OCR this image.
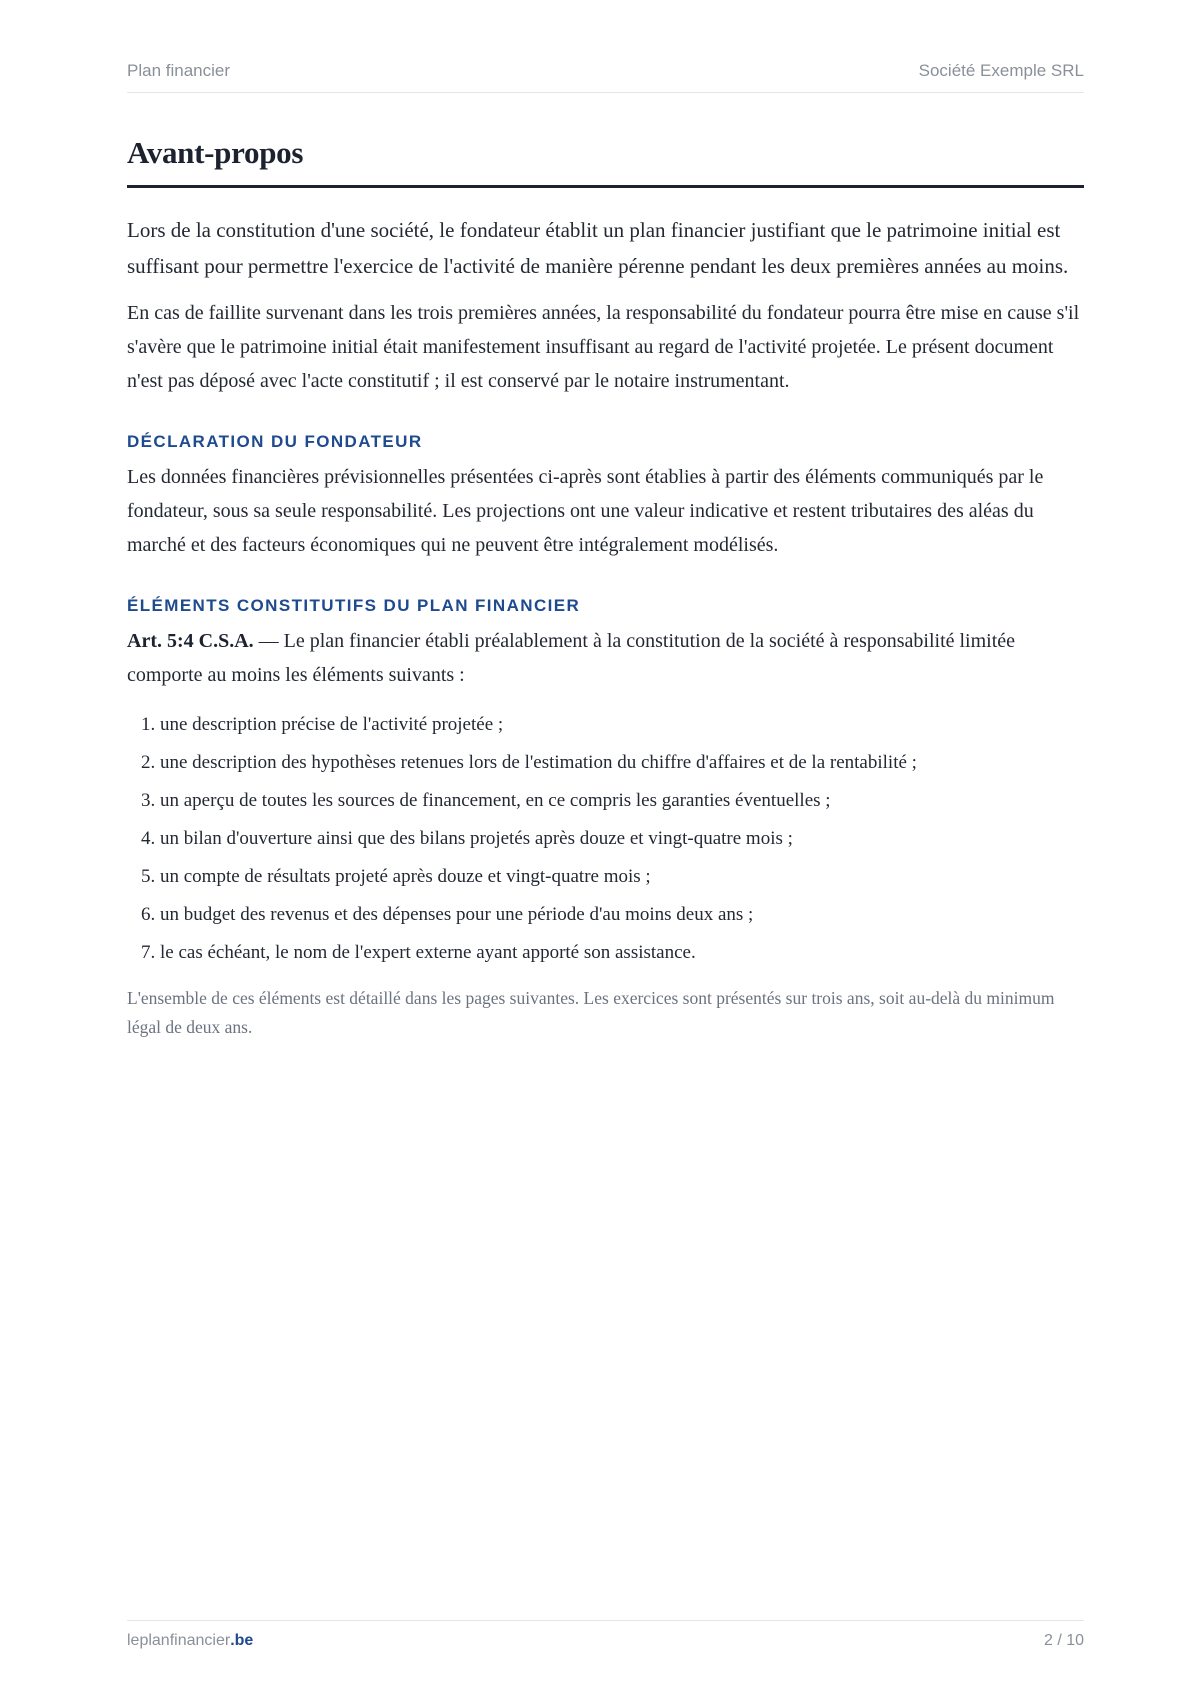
Plan financier	Société Exemple SRL
Avant-propos

Lors de la constitution d'une société, le fondateur établit un plan financier justifiant que le patrimoine initial est suffisant pour permettre l'exercice de l'activité de manière pérenne pendant les deux premières années au moins.

En cas de faillite survenant dans les trois premières années, la responsabilité du fondateur pourra être mise en cause s'il s'avère que le patrimoine initial était manifestement insuffisant au regard de l'activité projetée. Le présent document n'est pas déposé avec l'acte constitutif ; il est conservé par le notaire instrumentant.

DÉCLARATION DU FONDATEUR

Les données financières prévisionnelles présentées ci-après sont établies à partir des éléments communiqués par le fondateur, sous sa seule responsabilité. Les projections ont une valeur indicative et restent tributaires des aléas du marché et des facteurs économiques qui ne peuvent être intégralement modélisés.

ÉLÉMENTS CONSTITUTIFS DU PLAN FINANCIER

Art. 5:4 C.S.A. — Le plan financier établi préalablement à la constitution de la société à responsabilité limitée comporte au moins les éléments suivants :

1. une description précise de l'activité projetée ;
2. une description des hypothèses retenues lors de l'estimation du chiffre d'affaires et de la rentabilité ;
3. un aperçu de toutes les sources de financement, en ce compris les garanties éventuelles ;
4. un bilan d'ouverture ainsi que des bilans projetés après douze et vingt-quatre mois ;
5. un compte de résultats projeté après douze et vingt-quatre mois ;
6. un budget des revenus et des dépenses pour une période d'au moins deux ans ;
7. le cas échéant, le nom de l'expert externe ayant apporté son assistance.

L'ensemble de ces éléments est détaillé dans les pages suivantes. Les exercices sont présentés sur trois ans, soit au-delà du minimum légal de deux ans.

leplanfinancier.be	2 / 10
